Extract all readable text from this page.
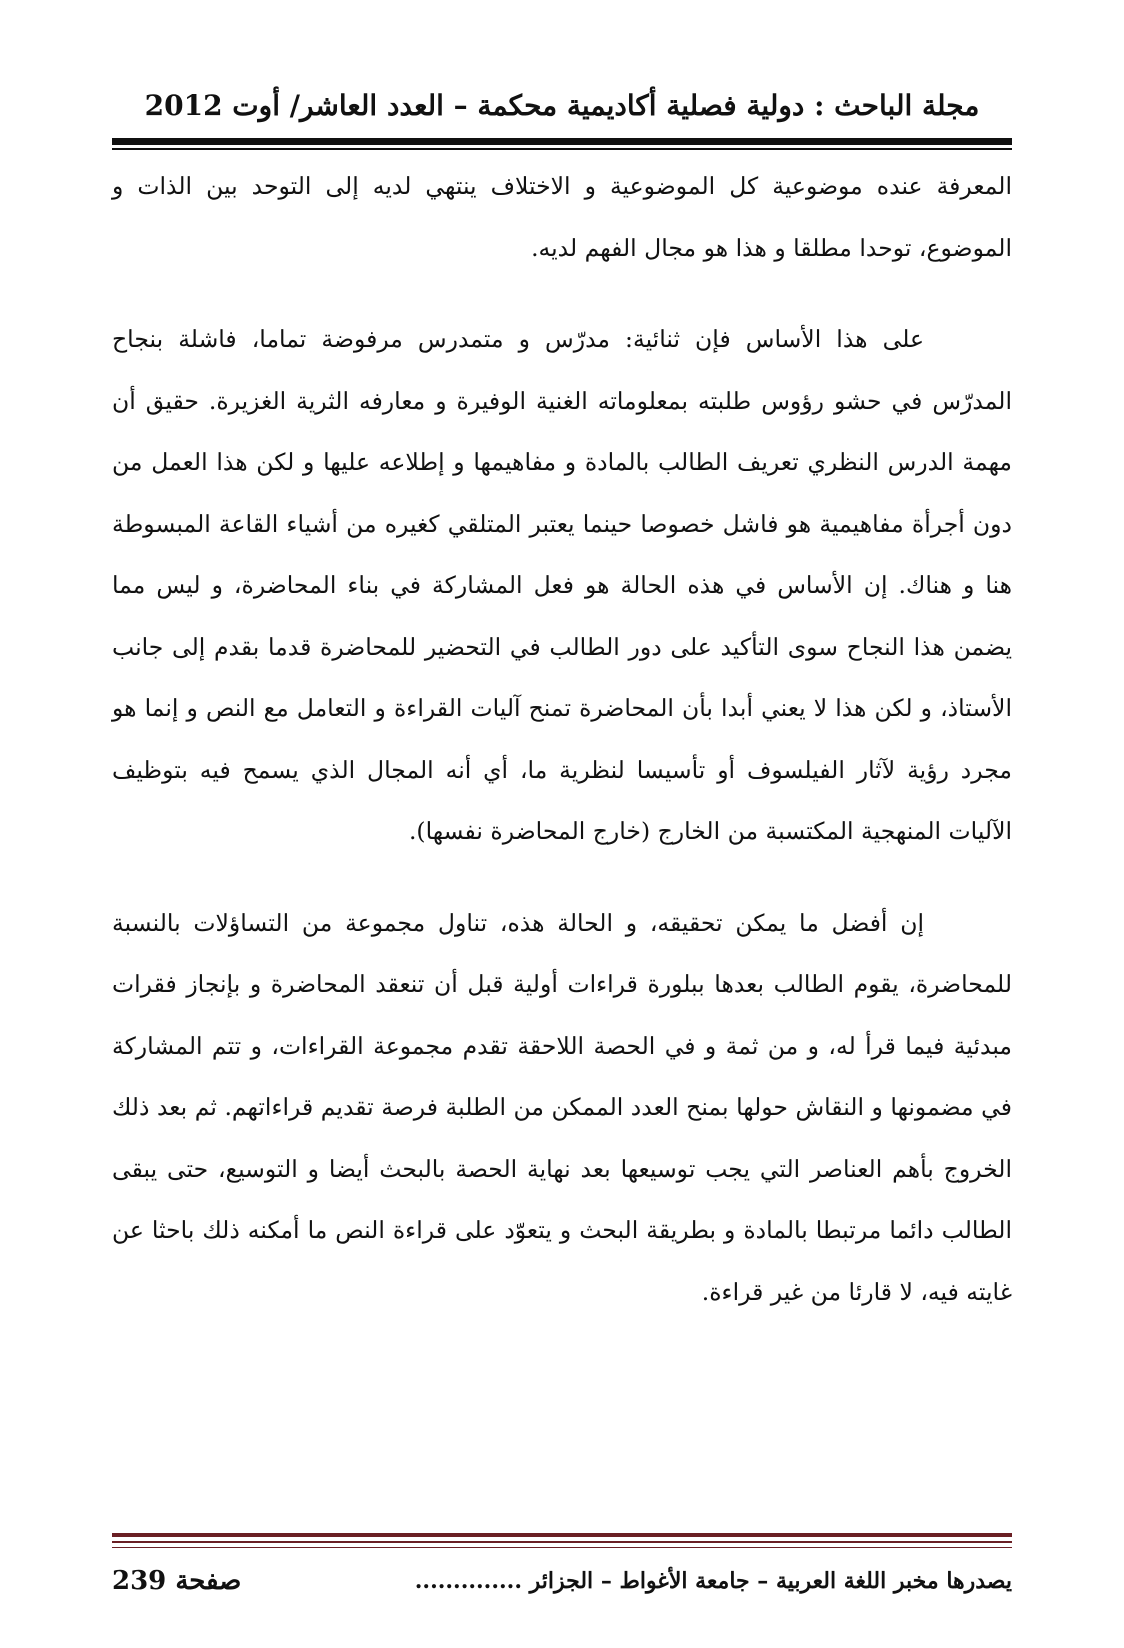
مجلة الباحث : دولية فصلية أكاديمية محكمة – العدد العاشر/ أوت 2012

المعرفة عنده موضوعية كل الموضوعية و الاختلاف ينتهي لديه إلى التوحد بين الذات و الموضوع، توحدا مطلقا و هذا هو مجال الفهم لديه.

على هذا الأساس فإن ثنائية: مدرّس و متمدرس مرفوضة تماما، فاشلة بنجاح المدرّس في حشو رؤوس طلبته بمعلوماته الغنية الوفيرة و معارفه الثرية الغزيرة. حقيق أن مهمة الدرس النظري تعريف الطالب بالمادة و مفاهيمها و إطلاعه عليها و لكن هذا العمل من دون أجرأة مفاهيمية هو فاشل خصوصا حينما يعتبر المتلقي كغيره من أشياء القاعة المبسوطة هنا و هناك. إن الأساس في هذه الحالة هو فعل المشاركة في بناء المحاضرة، و ليس مما يضمن هذا النجاح سوى التأكيد على دور الطالب في التحضير للمحاضرة قدما بقدم إلى جانب الأستاذ، و لكن هذا لا يعني أبدا بأن المحاضرة تمنح آليات القراءة و التعامل مع النص و إنما هو مجرد رؤية لآثار الفيلسوف أو تأسيسا لنظرية ما، أي أنه المجال الذي يسمح فيه بتوظيف الآليات المنهجية المكتسبة من الخارج (خارج المحاضرة نفسها).

إن أفضل ما يمكن تحقيقه، و الحالة هذه، تناول مجموعة من التساؤلات بالنسبة للمحاضرة، يقوم الطالب بعدها ببلورة قراءات أولية قبل أن تنعقد المحاضرة و بإنجاز فقرات مبدئية فيما قرأ له، و من ثمة و في الحصة اللاحقة تقدم مجموعة القراءات، و تتم المشاركة في مضمونها و النقاش حولها بمنح العدد الممكن من الطلبة فرصة تقديم قراءاتهم. ثم بعد ذلك الخروج بأهم العناصر التي يجب توسيعها بعد نهاية الحصة بالبحث أيضا و التوسيع، حتى يبقى الطالب دائما مرتبطا بالمادة و بطريقة البحث و يتعوّد على قراءة النص ما أمكنه ذلك باحثا عن غايته فيه، لا قارئا من غير قراءة.

يصدرها مخبر اللغة العربية – جامعة الأغواط – الجزائر ..............
صفحة 239
